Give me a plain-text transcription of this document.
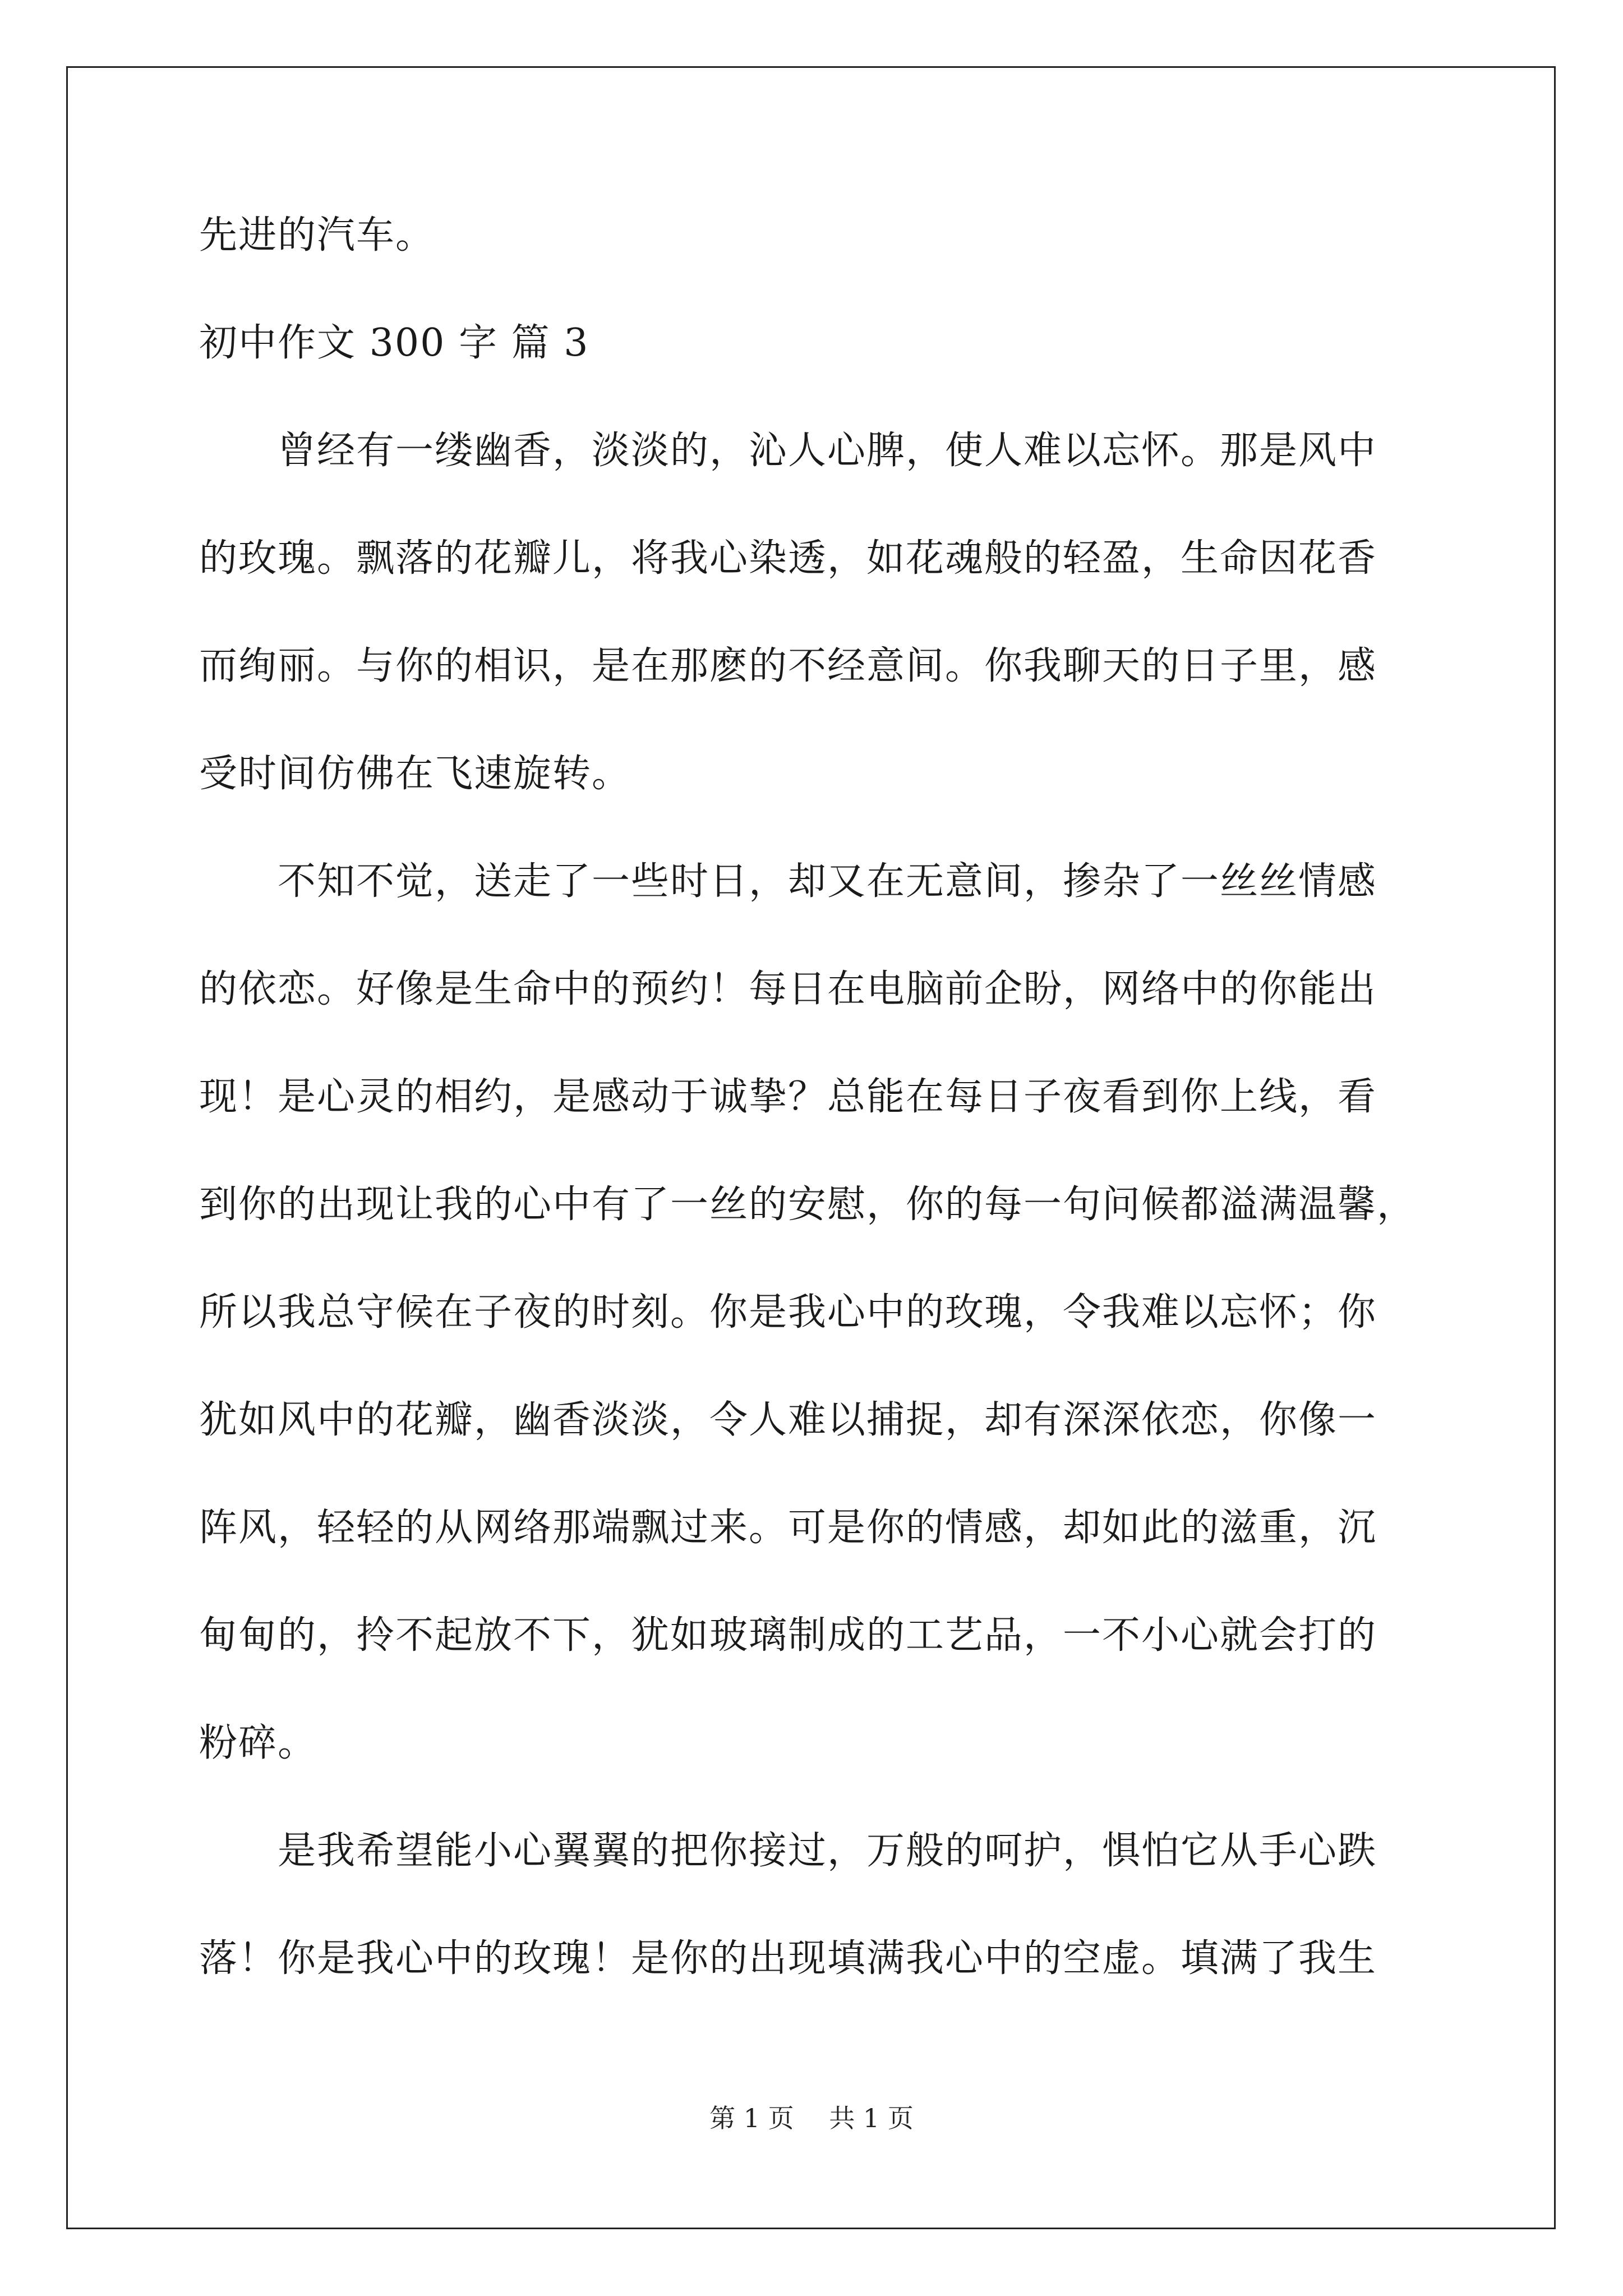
先进的汽车。
初中作文 300 字 篇 3
　　曾经有一缕幽香，淡淡的，沁人心脾，使人难以忘怀。那是风中
的玫瑰。飘落的花瓣儿，将我心染透，如花魂般的轻盈，生命因花香
而绚丽。与你的相识，是在那麽的不经意间。你我聊天的日子里，感
受时间仿佛在飞速旋转。
　　不知不觉，送走了一些时日，却又在无意间，掺杂了一丝丝情感
的依恋。好像是生命中的预约！每日在电脑前企盼，网络中的你能出
现！是心灵的相约，是感动于诚挚？总能在每日子夜看到你上线，看
到你的出现让我的心中有了一丝的安慰，你的每一句问候都溢满温馨，
所以我总守候在子夜的时刻。你是我心中的玫瑰，令我难以忘怀；你
犹如风中的花瓣，幽香淡淡，令人难以捕捉，却有深深依恋，你像一
阵风，轻轻的从网络那端飘过来。可是你的情感，却如此的滋重，沉
甸甸的，拎不起放不下，犹如玻璃制成的工艺品，一不小心就会打的
粉碎。
　　是我希望能小心翼翼的把你接过，万般的呵护，惧怕它从手心跌
落！你是我心中的玫瑰！是你的出现填满我心中的空虚。填满了我生
第 1 页 共 1 页
